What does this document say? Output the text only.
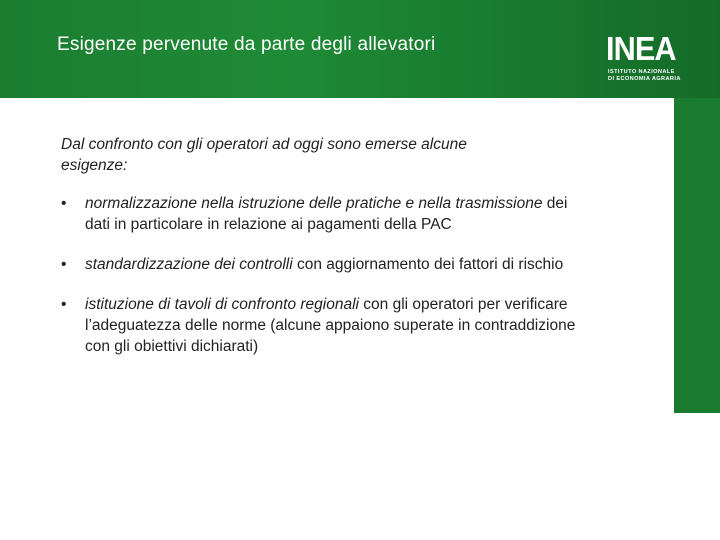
Esigenze pervenute da parte degli allevatori	INEA
ISTITUTO NAZIONALE
DI ECONOMIA AGRARIA

Dal confronto con gli operatori ad oggi sono emerse alcune
esigenze:

• normalizzazione nella istruzione delle pratiche e nella trasmissione dei dati in particolare in relazione ai pagamenti della PAC
• standardizzazione dei controlli con aggiornamento dei fattori di rischio
• istituzione di tavoli di confronto regionali con gli operatori per verificare l’adeguatezza delle norme (alcune appaiono superate in contraddizione con gli obiettivi dichiarati)
